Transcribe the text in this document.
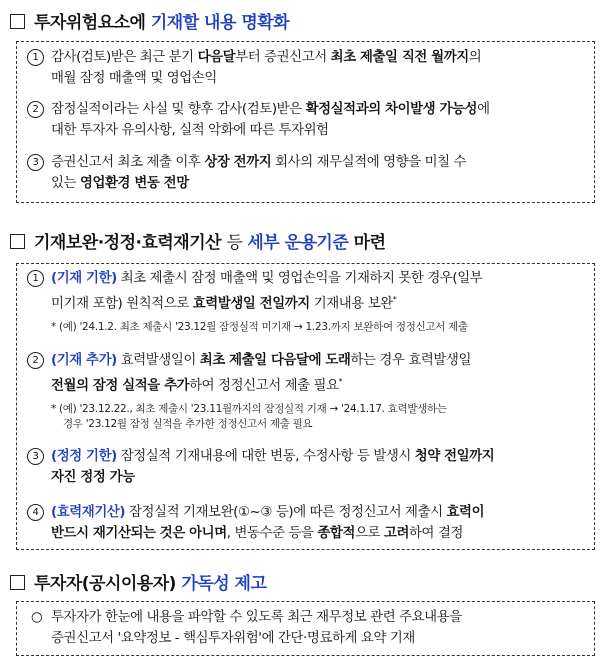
투자위험요소에 기재할 내용 명확화
1 감사(검토)받은 최근 분기 다음달부터 증권신고서 최초 제출일 직전 월까지의
매월 잠정 매출액 및 영업손익
2 잠정실적이라는 사실 및 향후 감사(검토)받은 확정실적과의 차이발생 가능성에
대한 투자자 유의사항, 실적 악화에 따른 투자위험
3 증권신고서 최초 제출 이후 상장 전까지 회사의 재무실적에 영향을 미칠 수
있는 영업환경 변동 전망
기재보완·정정·효력재기산 등 세부 운용기준 마련
1 (기재 기한) 최초 제출시 잠정 매출액 및 영업손익을 기재하지 못한 경우(일부
미기재 포함) 원칙적으로 효력발생일 전일까지 기재내용 보완*
* (예) '24.1.2. 최초 제출시 '23.12월 잠정실적 미기재 → 1.23.까지 보완하여 정정신고서 제출
2 (기재 추가) 효력발생일이 최초 제출일 다음달에 도래하는 경우 효력발생일
전월의 잠정 실적을 추가하여 정정신고서 제출 필요*
* (예) '23.12.22., 최초 제출시 '23.11월까지의 잠정실적 기재 → '24.1.17. 효력발생하는
경우 '23.12월 잠정 실적을 추가한 정정신고서 제출 필요
3 (정정 기한) 잠정실적 기재내용에 대한 변동, 수정사항 등 발생시 청약 전일까지
자진 정정 가능
4 (효력재기산) 잠정실적 기재보완(①~③ 등)에 따른 정정신고서 제출시 효력이
반드시 재기산되는 것은 아니며, 변동수준 등을 종합적으로 고려하여 결정
투자자(공시이용자) 가독성 제고
○ 투자자가 한눈에 내용을 파악할 수 있도록 최근 재무정보 관련 주요내용을
증권신고서 '요약정보 - 핵심투자위험'에 간단·명료하게 요약 기재
